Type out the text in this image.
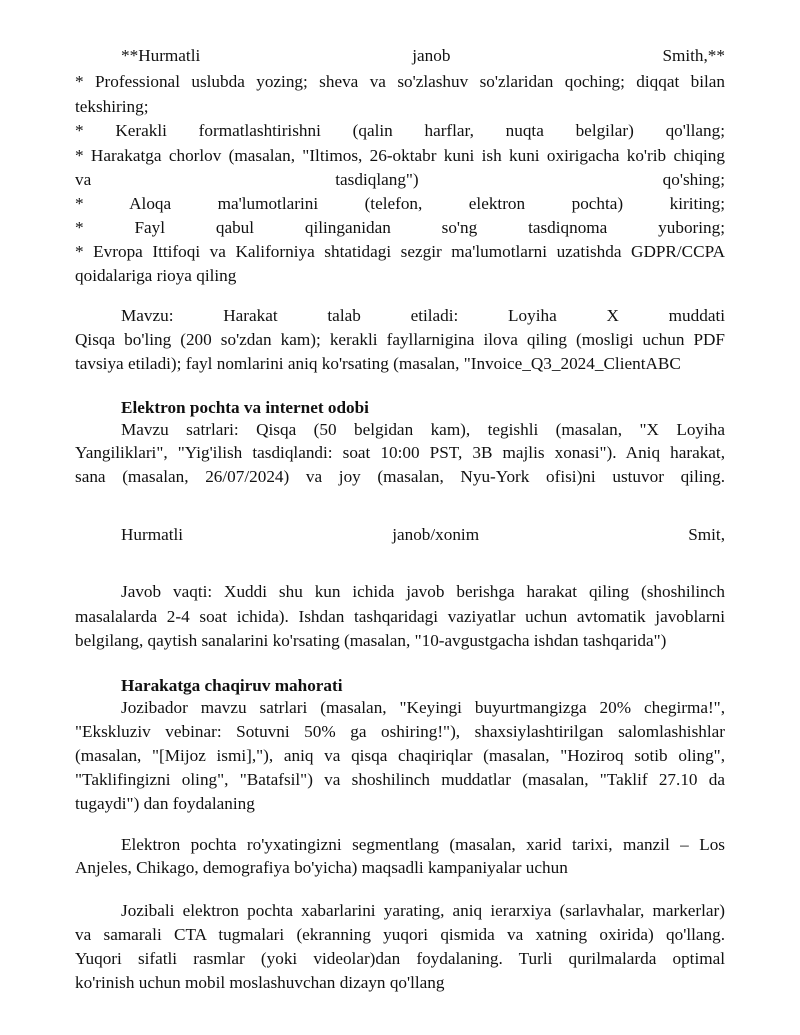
**Hurmatli janob Smith,**
* Professional uslubda yozing; sheva va so'zlashuv so'zlaridan qoching; diqqat bilan
tekshiring;
* Kerakli formatlashtirishni (qalin harflar, nuqta belgilar) qo'llang;
* Harakatga chorlov (masalan, "Iltimos, 26-oktabr kuni ish kuni oxirigacha ko'rib chiqing
va tasdiqlang") qo'shing;
* Aloqa ma'lumotlarini (telefon, elektron pochta) kiriting;
* Fayl qabul qilinganidan so'ng tasdiqnoma yuboring;
* Evropa Ittifoqi va Kaliforniya shtatidagi sezgir ma'lumotlarni uzatishda GDPR/CCPA
qoidalariga rioya qiling
Mavzu: Harakat talab etiladi: Loyiha X muddati
Qisqa bo'ling (200 so'zdan kam); kerakli fayllarnigina ilova qiling (mosligi uchun PDF
tavsiya etiladi); fayl nomlarini aniq ko'rsating (masalan, "Invoice_Q3_2024_ClientABC
Elektron pochta va internet odobi
Mavzu satrlari: Qisqa (50 belgidan kam), tegishli (masalan, "X Loyiha
Yangiliklari", "Yig'ilish tasdiqlandi: soat 10:00 PST, 3B majlis xonasi"). Aniq harakat,
sana (masalan, 26/07/2024) va joy (masalan, Nyu-York ofisi)ni ustuvor qiling.
Hurmatli janob/xonim Smit,
Javob vaqti: Xuddi shu kun ichida javob berishga harakat qiling (shoshilinch
masalalarda 2-4 soat ichida). Ishdan tashqaridagi vaziyatlar uchun avtomatik javoblarni
belgilang, qaytish sanalarini ko'rsating (masalan, "10-avgustgacha ishdan tashqarida")
Harakatga chaqiruv mahorati
Jozibador mavzu satrlari (masalan, "Keyingi buyurtmangizga 20% chegirma!",
"Ekskluziv vebinar: Sotuvni 50% ga oshiring!"), shaxsiylashtirilgan salomlashishlar
(masalan, "[Mijoz ismi],"), aniq va qisqa chaqiriqlar (masalan, "Hoziroq sotib oling",
"Taklifingizni oling", "Batafsil") va shoshilinch muddatlar (masalan, "Taklif 27.10 da
tugaydi") dan foydalaning
Elektron pochta ro'yxatingizni segmentlang (masalan, xarid tarixi, manzil – Los
Anjeles, Chikago, demografiya bo'yicha) maqsadli kampaniyalar uchun
Jozibali elektron pochta xabarlarini yarating, aniq ierarxiya (sarlavhalar, markerlar)
va samarali CTA tugmalari (ekranning yuqori qismida va xatning oxirida) qo'llang.
Yuqori sifatli rasmlar (yoki videolar)dan foydalaning. Turli qurilmalarda optimal
ko'rinish uchun mobil moslashuvchan dizayn qo'llang
